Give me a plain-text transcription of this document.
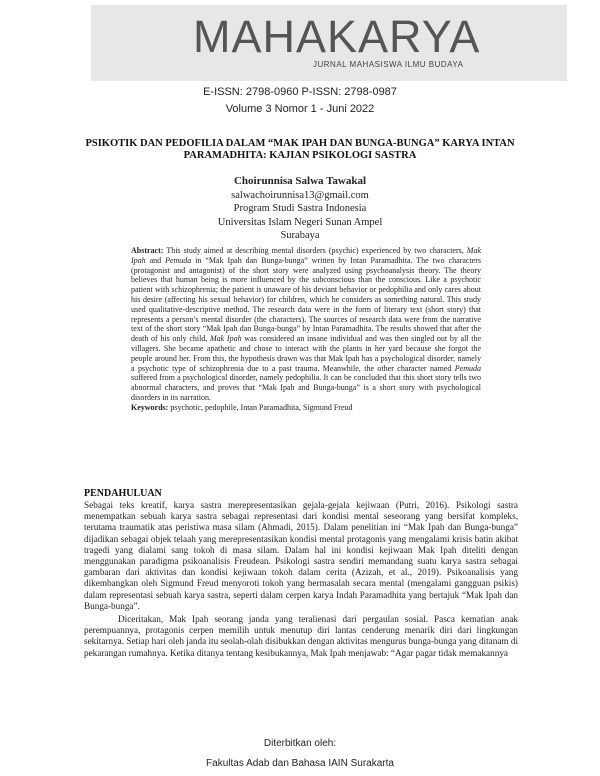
MAHAKARYA
JURNAL MAHASISWA ILMU BUDAYA
E-ISSN: 2798-0960 P-ISSN: 2798-0987
Volume 3 Nomor 1 - Juni 2022
PSIKOTIK DAN PEDOFILIA DALAM “MAK IPAH DAN BUNGA-BUNGA” KARYA INTAN PARAMADHITA: KAJIAN PSIKOLOGI SASTRA
Choirunnisa Salwa Tawakal
salwachoirunnisa13@gmail.com
Program Studi Sastra Indonesia
Universitas Islam Negeri Sunan Ampel
Surabaya
Abstract: This study aimed at describing mental disorders (psychic) experienced by two characters, Mak Ipah and Pemuda in “Mak Ipah dan Bunga-bunga” written by Intan Paramadhita. The two characters (protagonist and antagonist) of the short story were analyzed using psychoanalysis theory. The theory believes that human being is more influenced by the subconscious than the conscious. Like a psychotic patient with schizophrenia; the patient is unaware of his deviant behavior or pedophilia and only cares about his desire (affecting his sexual behavior) for children, which he considers as something natural. This study used qualitative-descriptive method. The research data were in the form of literary text (short story) that represents a person’s mental disorder (the characters). The sources of research data were from the narrative text of the short story “Mak Ipah dan Bunga-bunga” by Intan Paramadhita. The results showed that after the death of his only child, Mak Ipah was considered an insane individual and was then singled out by all the villagers. She became apathetic and chose to interact with the plants in her yard because she forgot the people around her. From this, the hypothesis drawn was that Mak Ipah has a psychological disorder, namely a psychotic type of schizophrenia due to a past trauma. Meanwhile, the other character named Pemuda suffered from a psychological disorder, namely pedophilia. It can be concluded that this short story tells two abnormal characters, and proves that “Mak Ipah and Bunga-bunga” is a short story with psychological disorders in its narration.
Keywords: psychotic, pedophile, Intan Paramadhita, Sigmund Freud
PENDAHULUAN

Sebagai teks kreatif, karya sastra merepresentasikan gejala-gejala kejiwaan (Putri, 2016). Psikologi sastra menempatkan sebuah karya sastra sebagai representasi dari kondisi mental seseorang yang bersifat kompleks, terutama traumatik atas peristiwa masa silam (Ahmadi, 2015). Dalam penelitian ini “Mak Ipah dan Bunga-bunga” dijadikan sebagai objek telaah yang merepresentasikan kondisi mental protagonis yang mengalami krisis batin akibat tragedi yang dialami sang tokoh di masa silam. Dalam hal ini kondisi kejiwaan Mak Ipah diteliti dengan menggunakan paradigma psikoanalisis Freudean. Psikologi sastra sendiri memandang suatu karya sastra sebagai gambaran dari aktivitas dan kondisi kejiwaan tokoh dalam cerita (Azizah, et al., 2019). Psikoanalisis yang dikembangkan oleh Sigmund Freud menyoroti tokoh yang bermasalah secara mental (mengalami gangguan psikis) dalam representasi sebuah karya sastra, seperti dalam cerpen karya Indah Paramadhita yang bertajuk “Mak Ipah dan Bunga-bunga”.

Diceritakan, Mak Ipah seorang janda yang teralienasi dari pergaulan sosial. Pasca kematian anak perempuannya, protagonis cerpen memilih untuk menutup diri lantas cenderung menarik diri dari lingkungan sekitarnya. Setiap hari oleh janda itu seolah-olah disibukkan dengan aktivitas mengurus bunga-bunga yang ditanam di pekarangan rumahnya. Ketika ditanya tentang kesibukannya, Mak Ipah menjawab: “Agar pagar tidak memakannya

Diterbitkan oleh:
Fakultas Adab dan Bahasa IAIN Surakarta
